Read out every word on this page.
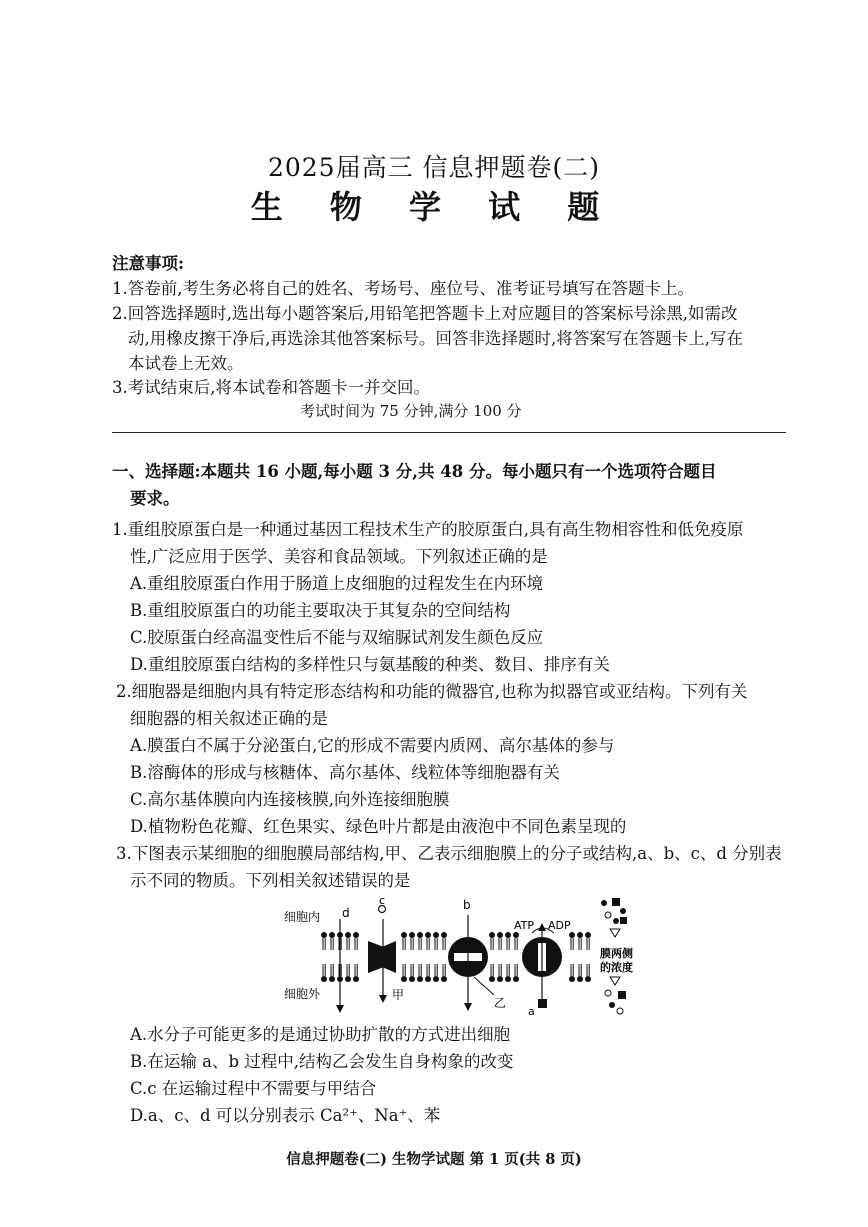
2025届高三 信息押题卷(二)
生 物 学 试 题
注意事项:
1.答卷前,考生务必将自己的姓名、考场号、座位号、准考证号填写在答题卡上。
2.回答选择题时,选出每小题答案后,用铅笔把答题卡上对应题目的答案标号涂黑,如需改
动,用橡皮擦干净后,再选涂其他答案标号。回答非选择题时,将答案写在答题卡上,写在
本试卷上无效。
3.考试结束后,将本试卷和答题卡一并交回。
考试时间为 75 分钟,满分 100 分
一、选择题:本题共 16 小题,每小题 3 分,共 48 分。每小题只有一个选项符合题目
要求。
1.重组胶原蛋白是一种通过基因工程技术生产的胶原蛋白,具有高生物相容性和低免疫原
性,广泛应用于医学、美容和食品领域。下列叙述正确的是
A.重组胶原蛋白作用于肠道上皮细胞的过程发生在内环境
B.重组胶原蛋白的功能主要取决于其复杂的空间结构
C.胶原蛋白经高温变性后不能与双缩脲试剂发生颜色反应
D.重组胶原蛋白结构的多样性只与氨基酸的种类、数目、排序有关
2.细胞器是细胞内具有特定形态结构和功能的微器官,也称为拟器官或亚结构。下列有关
细胞器的相关叙述正确的是
A.膜蛋白不属于分泌蛋白,它的形成不需要内质网、高尔基体的参与
B.溶酶体的形成与核糖体、高尔基体、线粒体等细胞器有关
C.高尔基体膜向内连接核膜,向外连接细胞膜
D.植物粉色花瓣、红色果实、绿色叶片都是由液泡中不同色素呈现的
3.下图表示某细胞的细胞膜局部结构,甲、乙表示细胞膜上的分子或结构,a、b、c、d 分别表
示不同的物质。下列相关叙述错误的是
细胞内
细胞外
d
c
甲
b
乙
a
ATP ADP
膜两侧
的浓度
A.水分子可能更多的是通过协助扩散的方式进出细胞
B.在运输 a、b 过程中,结构乙会发生自身构象的改变
C.c 在运输过程中不需要与甲结合
D.a、c、d 可以分别表示 Ca²⁺、Na⁺、苯
信息押题卷(二) 生物学试题 第 1 页(共 8 页)
